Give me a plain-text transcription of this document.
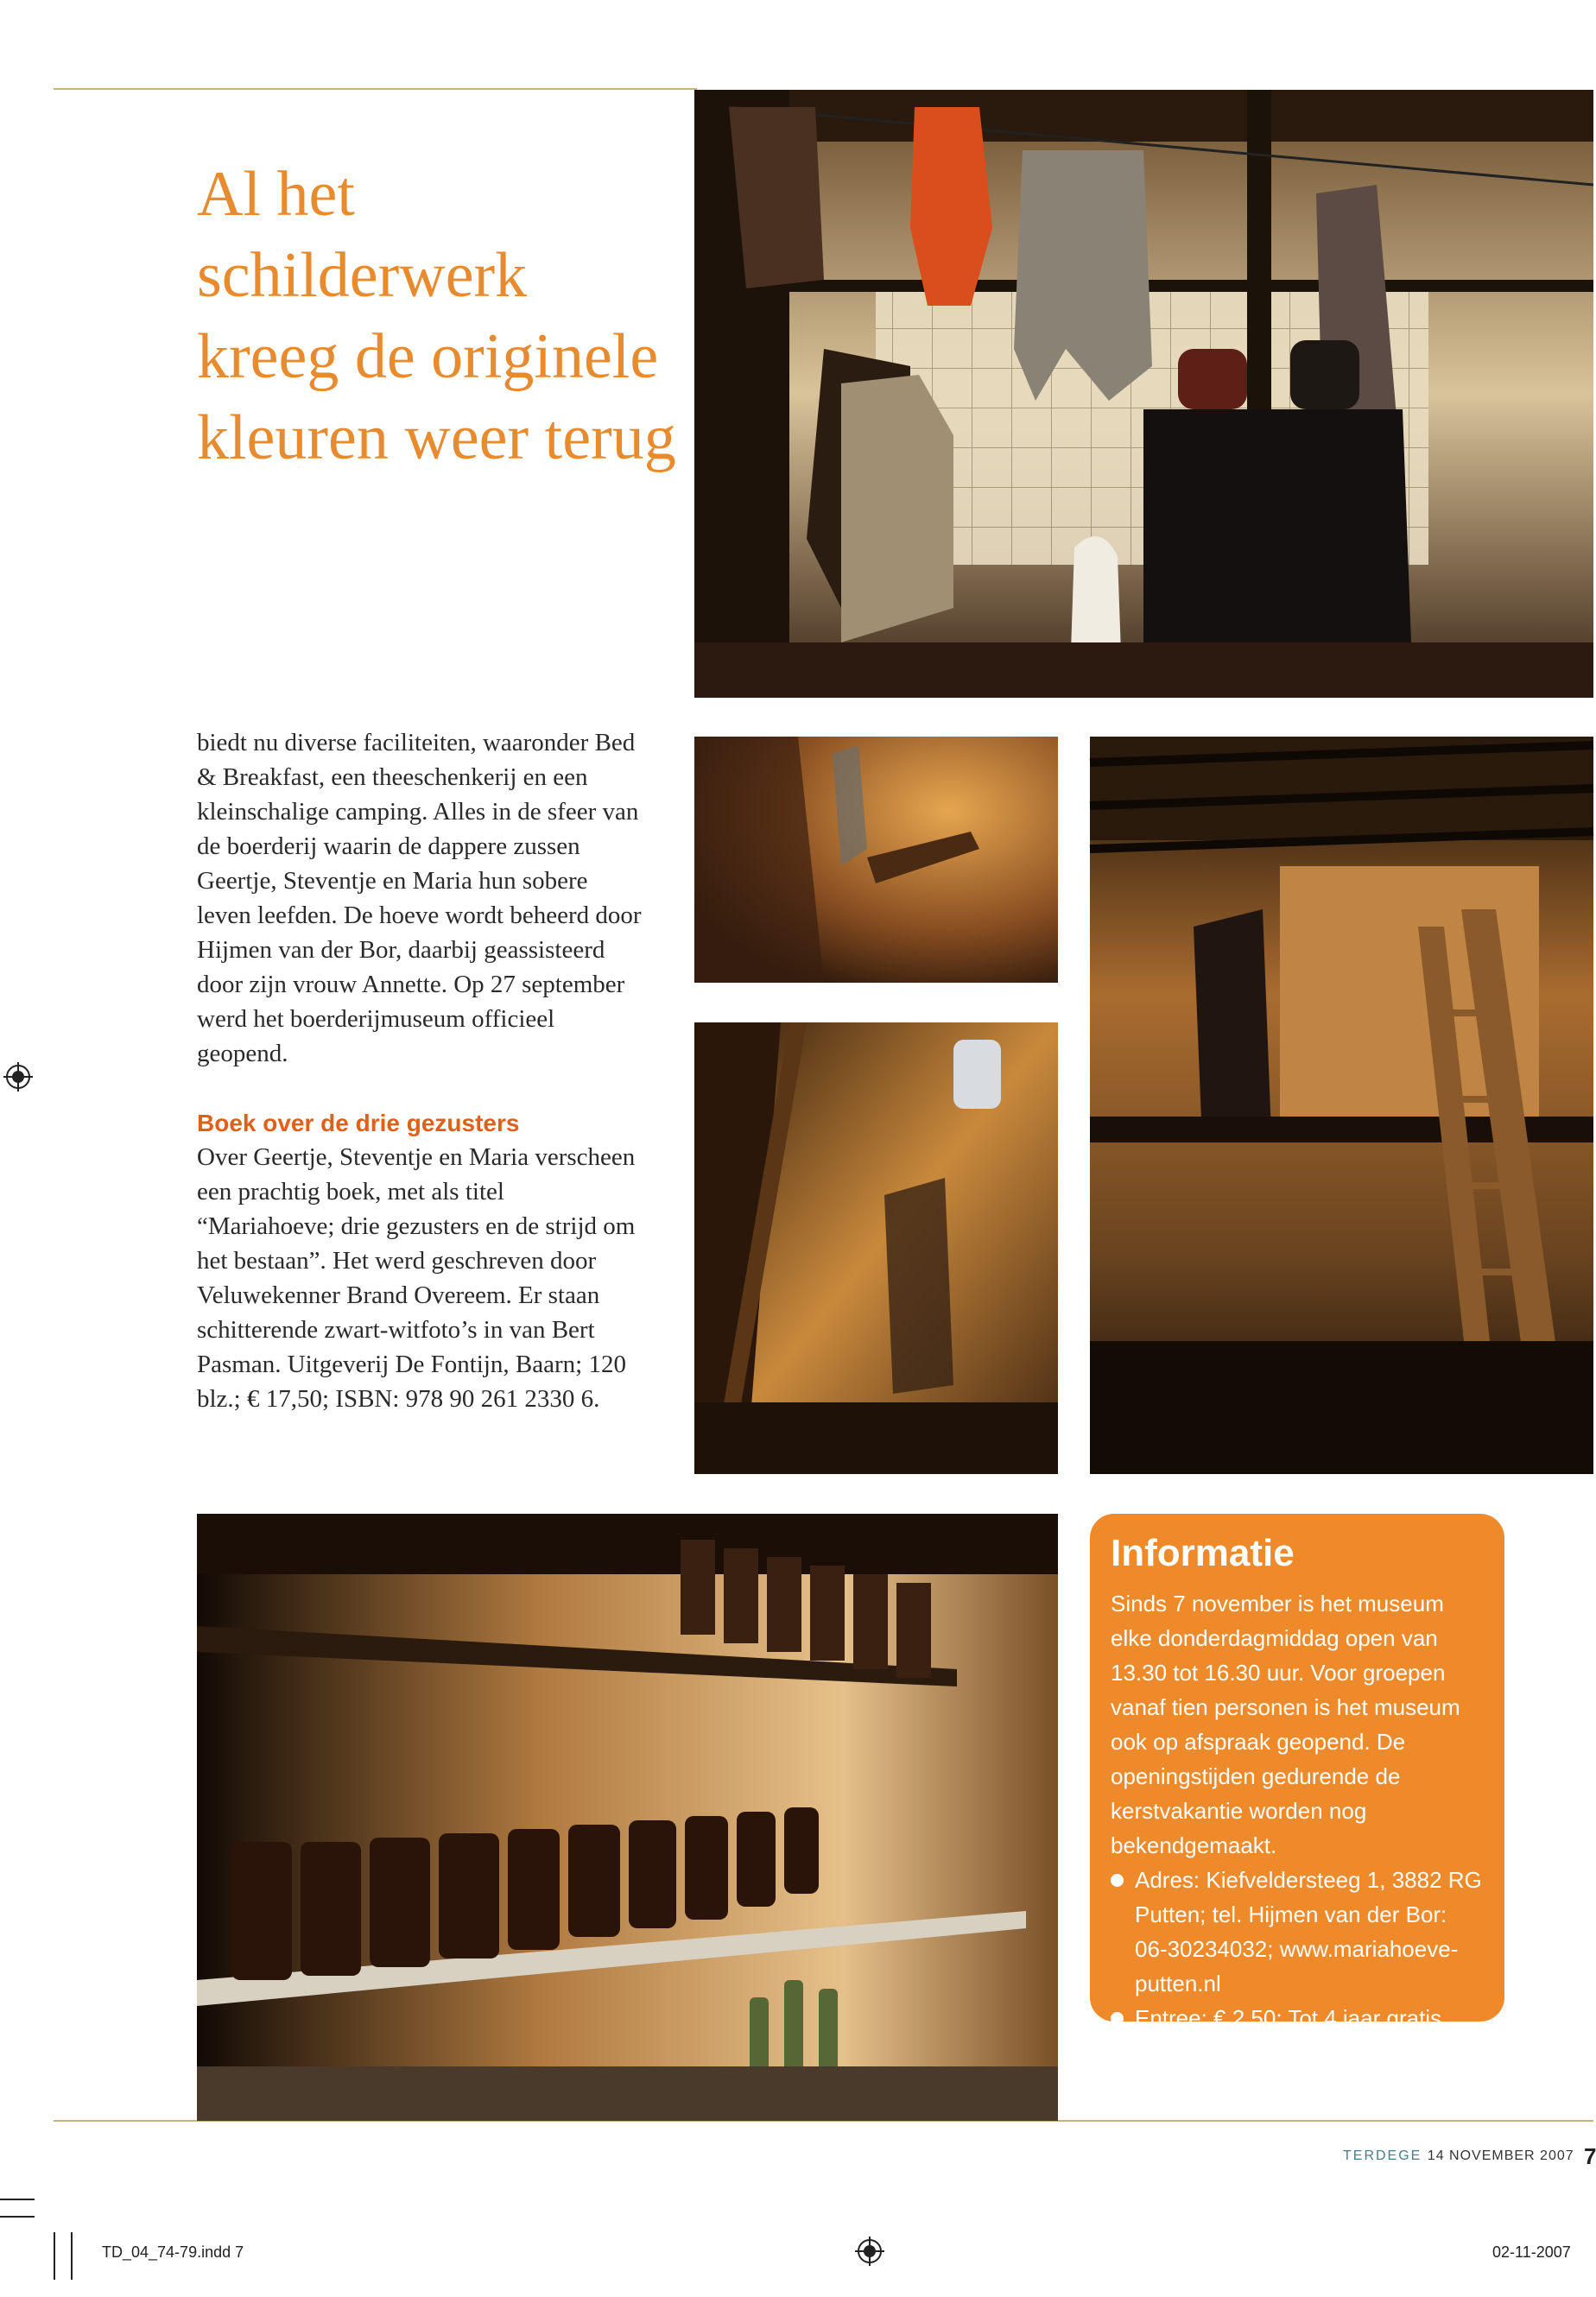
Al het schilderwerk kreeg de originele kleuren weer terug

biedt nu diverse faciliteiten, waaronder Bed & Breakfast, een theeschenkerij en een kleinschalige camping. Alles in de sfeer van de boerderij waarin de dappere zussen Geertje, Steventje en Maria hun sobere leven leefden. De hoeve wordt beheerd door Hijmen van der Bor, daarbij geassisteerd door zijn vrouw Annette. Op 27 september werd het boerderijmuseum officieel geopend.

Boek over de drie gezusters

Over Geertje, Steventje en Maria verscheen een prachtig boek, met als titel “Mariahoeve; drie gezusters en de strijd om het bestaan”. Het werd geschreven door Veluwekenner Brand Overeem. Er staan schitterende zwart-witfoto’s in van Bert Pasman. Uitgeverij De Fontijn, Baarn; 120 blz.; € 17,50; ISBN: 978 90 261 2330 6.

Informatie

Sinds 7 november is het museum elke donderdagmiddag open van 13.30 tot 16.30 uur. Voor groepen vanaf tien personen is het museum ook op afspraak geopend. De openingstijden gedurende de kerstvakantie worden nog bekendgemaakt.

Adres: Kiefveldersteeg 1, 3882 RG Putten; tel. Hijmen van der Bor: 06-30234032; www.mariahoeve-putten.nl
Entree: € 2,50; Tot 4 jaar gratis.
TERDEGE 14 NOVEMBER 2007 7
TD_04_74-79.indd 7	02-11-2007
